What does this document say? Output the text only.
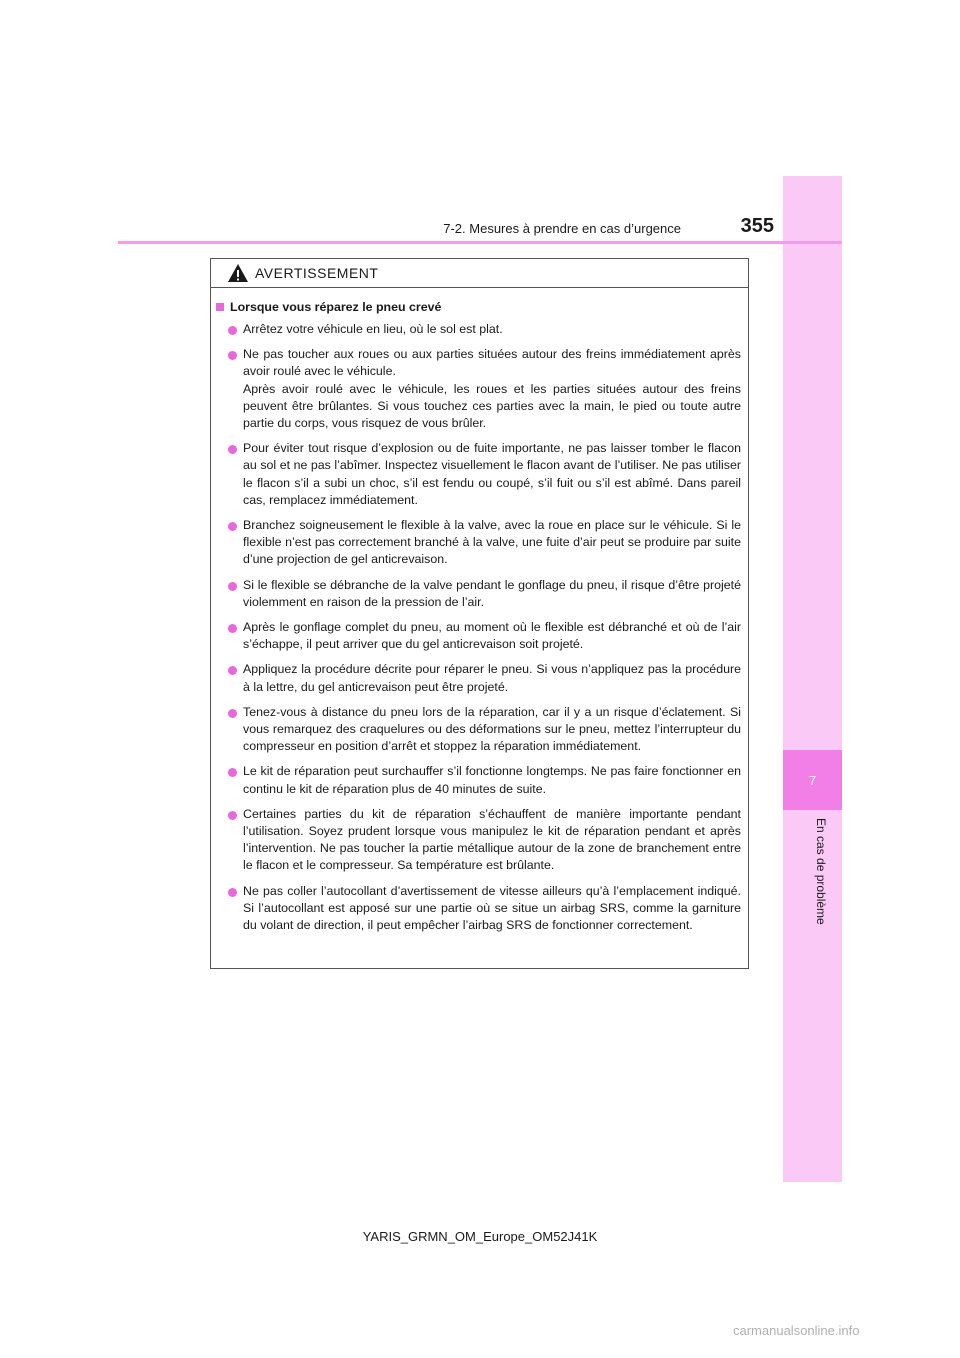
7
En cas de problème
7-2. Mesures à prendre en cas d’urgence	355
AVERTISSEMENT
Lorsque vous réparez le pneu crevé
Arrêtez votre véhicule en lieu, où le sol est plat.
Ne pas toucher aux roues ou aux parties situées autour des freins immédiatement après avoir roulé avec le véhicule.
Après avoir roulé avec le véhicule, les roues et les parties situées autour des freins peuvent être brûlantes. Si vous touchez ces parties avec la main, le pied ou toute autre partie du corps, vous risquez de vous brûler.
Pour éviter tout risque d’explosion ou de fuite importante, ne pas laisser tomber le flacon au sol et ne pas l’abîmer. Inspectez visuellement le flacon avant de l’utiliser. Ne pas utiliser le flacon s’il a subi un choc, s’il est fendu ou coupé, s’il fuit ou s’il est abîmé. Dans pareil cas, remplacez immédiatement.
Branchez soigneusement le flexible à la valve, avec la roue en place sur le véhicule. Si le flexible n’est pas correctement branché à la valve, une fuite d’air peut se produire par suite d’une projection de gel anticrevaison.
Si le flexible se débranche de la valve pendant le gonflage du pneu, il risque d’être projeté violemment en raison de la pression de l’air.
Après le gonflage complet du pneu, au moment où le flexible est débranché et où de l’air s’échappe, il peut arriver que du gel anticrevaison soit projeté.
Appliquez la procédure décrite pour réparer le pneu. Si vous n’appliquez pas la procédure à la lettre, du gel anticrevaison peut être projeté.
Tenez-vous à distance du pneu lors de la réparation, car il y a un risque d’éclatement. Si vous remarquez des craquelures ou des déformations sur le pneu, mettez l’interrupteur du compresseur en position d’arrêt et stoppez la réparation immédiatement.
Le kit de réparation peut surchauffer s’il fonctionne longtemps. Ne pas faire fonctionner en continu le kit de réparation plus de 40 minutes de suite.
Certaines parties du kit de réparation s’échauffent de manière importante pendant l’utilisation. Soyez prudent lorsque vous manipulez le kit de réparation pendant et après l’intervention. Ne pas toucher la partie métallique autour de la zone de branchement entre le flacon et le compresseur. Sa température est brûlante.
Ne pas coller l’autocollant d’avertissement de vitesse ailleurs qu’à l’emplacement indiqué. Si l’autocollant est apposé sur une partie où se situe un airbag SRS, comme la garniture du volant de direction, il peut empêcher l’airbag SRS de fonctionner correctement.
YARIS_GRMN_OM_Europe_OM52J41K
carmanualsonline.info
